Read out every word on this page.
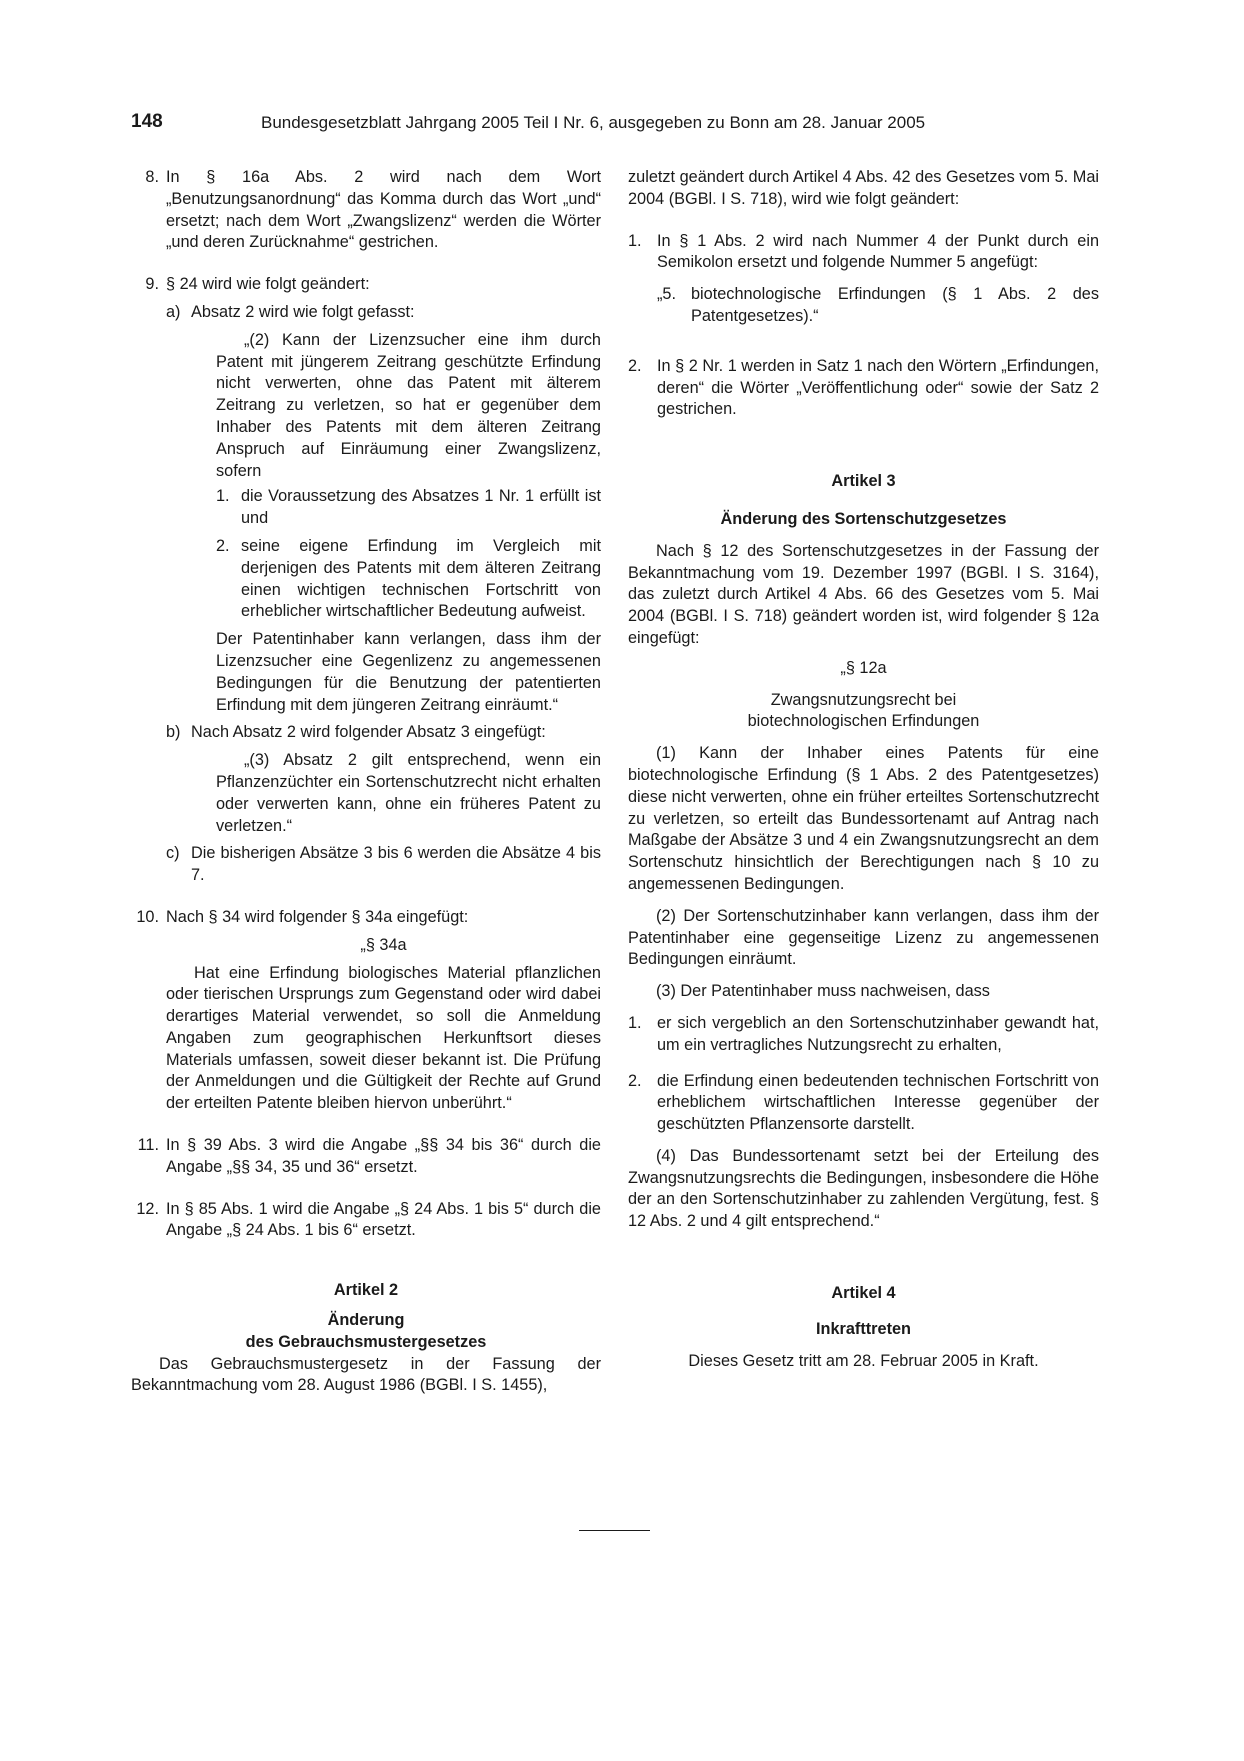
148	Bundesgesetzblatt Jahrgang 2005 Teil I Nr. 6, ausgegeben zu Bonn am 28. Januar 2005
8. In § 16a Abs. 2 wird nach dem Wort „Benutzungsanordnung“ das Komma durch das Wort „und“ ersetzt; nach dem Wort „Zwangslizenz“ werden die Wörter „und deren Zurücknahme“ gestrichen.
9. § 24 wird wie folgt geändert:
a) Absatz 2 wird wie folgt gefasst:

„(2) Kann der Lizenzsucher eine ihm durch Patent mit jüngerem Zeitrang geschützte Erfindung nicht verwerten, ohne das Patent mit älterem Zeitrang zu verletzen, so hat er gegenüber dem Inhaber des Patents mit dem älteren Zeitrang Anspruch auf Einräumung einer Zwangslizenz, sofern

1. die Voraussetzung des Absatzes 1 Nr. 1 erfüllt ist und
2. seine eigene Erfindung im Vergleich mit derjenigen des Patents mit dem älteren Zeitrang einen wichtigen technischen Fortschritt von erheblicher wirtschaftlicher Bedeutung aufweist.

Der Patentinhaber kann verlangen, dass ihm der Lizenzsucher eine Gegenlizenz zu angemessenen Bedingungen für die Benutzung der patentierten Erfindung mit dem jüngeren Zeitrang einräumt.“

b) Nach Absatz 2 wird folgender Absatz 3 eingefügt:

„(3) Absatz 2 gilt entsprechend, wenn ein Pflanzenzüchter ein Sortenschutzrecht nicht erhalten oder verwerten kann, ohne ein früheres Patent zu verletzen.“

c) Die bisherigen Absätze 3 bis 6 werden die Absätze 4 bis 7.
10. Nach § 34 wird folgender § 34a eingefügt:

„§ 34a

Hat eine Erfindung biologisches Material pflanzlichen oder tierischen Ursprungs zum Gegenstand oder wird dabei derartiges Material verwendet, so soll die Anmeldung Angaben zum geographischen Herkunftsort dieses Materials umfassen, soweit dieser bekannt ist. Die Prüfung der Anmeldungen und die Gültigkeit der Rechte auf Grund der erteilten Patente bleiben hiervon unberührt.“

11. In § 39 Abs. 3 wird die Angabe „§§ 34 bis 36“ durch die Angabe „§§ 34, 35 und 36“ ersetzt.
12. In § 85 Abs. 1 wird die Angabe „§ 24 Abs. 1 bis 5“ durch die Angabe „§ 24 Abs. 1 bis 6“ ersetzt.

Artikel 2

Änderung

des Gebrauchsmustergesetzes

Das Gebrauchsmustergesetz in der Fassung der Bekanntmachung vom 28. August 1986 (BGBl. I S. 1455),

zuletzt geändert durch Artikel 4 Abs. 42 des Gesetzes vom 5. Mai 2004 (BGBl. I S. 718), wird wie folgt geändert:

1. In § 1 Abs. 2 wird nach Nummer 4 der Punkt durch ein Semikolon ersetzt und folgende Nummer 5 angefügt:
„5. biotechnologische Erfindungen (§ 1 Abs. 2 des Patentgesetzes).“
2. In § 2 Nr. 1 werden in Satz 1 nach den Wörtern „Erfindungen, deren“ die Wörter „Veröffentlichung oder“ sowie der Satz 2 gestrichen.

Artikel 3

Änderung des Sortenschutzgesetzes

Nach § 12 des Sortenschutzgesetzes in der Fassung der Bekanntmachung vom 19. Dezember 1997 (BGBl. I S. 3164), das zuletzt durch Artikel 4 Abs. 66 des Gesetzes vom 5. Mai 2004 (BGBl. I S. 718) geändert worden ist, wird folgender § 12a eingefügt:

„§ 12a

Zwangsnutzungsrecht bei

biotechnologischen Erfindungen

(1) Kann der Inhaber eines Patents für eine biotechnologische Erfindung (§ 1 Abs. 2 des Patentgesetzes) diese nicht verwerten, ohne ein früher erteiltes Sortenschutzrecht zu verletzen, so erteilt das Bundessortenamt auf Antrag nach Maßgabe der Absätze 3 und 4 ein Zwangsnutzungsrecht an dem Sortenschutz hinsichtlich der Berechtigungen nach § 10 zu angemessenen Bedingungen.

(2) Der Sortenschutzinhaber kann verlangen, dass ihm der Patentinhaber eine gegenseitige Lizenz zu angemessenen Bedingungen einräumt.

(3) Der Patentinhaber muss nachweisen, dass

1. er sich vergeblich an den Sortenschutzinhaber gewandt hat, um ein vertragliches Nutzungsrecht zu erhalten,
2. die Erfindung einen bedeutenden technischen Fortschritt von erheblichem wirtschaftlichen Interesse gegenüber der geschützten Pflanzensorte darstellt.

(4) Das Bundessortenamt setzt bei der Erteilung des Zwangsnutzungsrechts die Bedingungen, insbesondere die Höhe der an den Sortenschutzinhaber zu zahlenden Vergütung, fest. § 12 Abs. 2 und 4 gilt entsprechend.“

Artikel 4

Inkrafttreten

Dieses Gesetz tritt am 28. Februar 2005 in Kraft.
